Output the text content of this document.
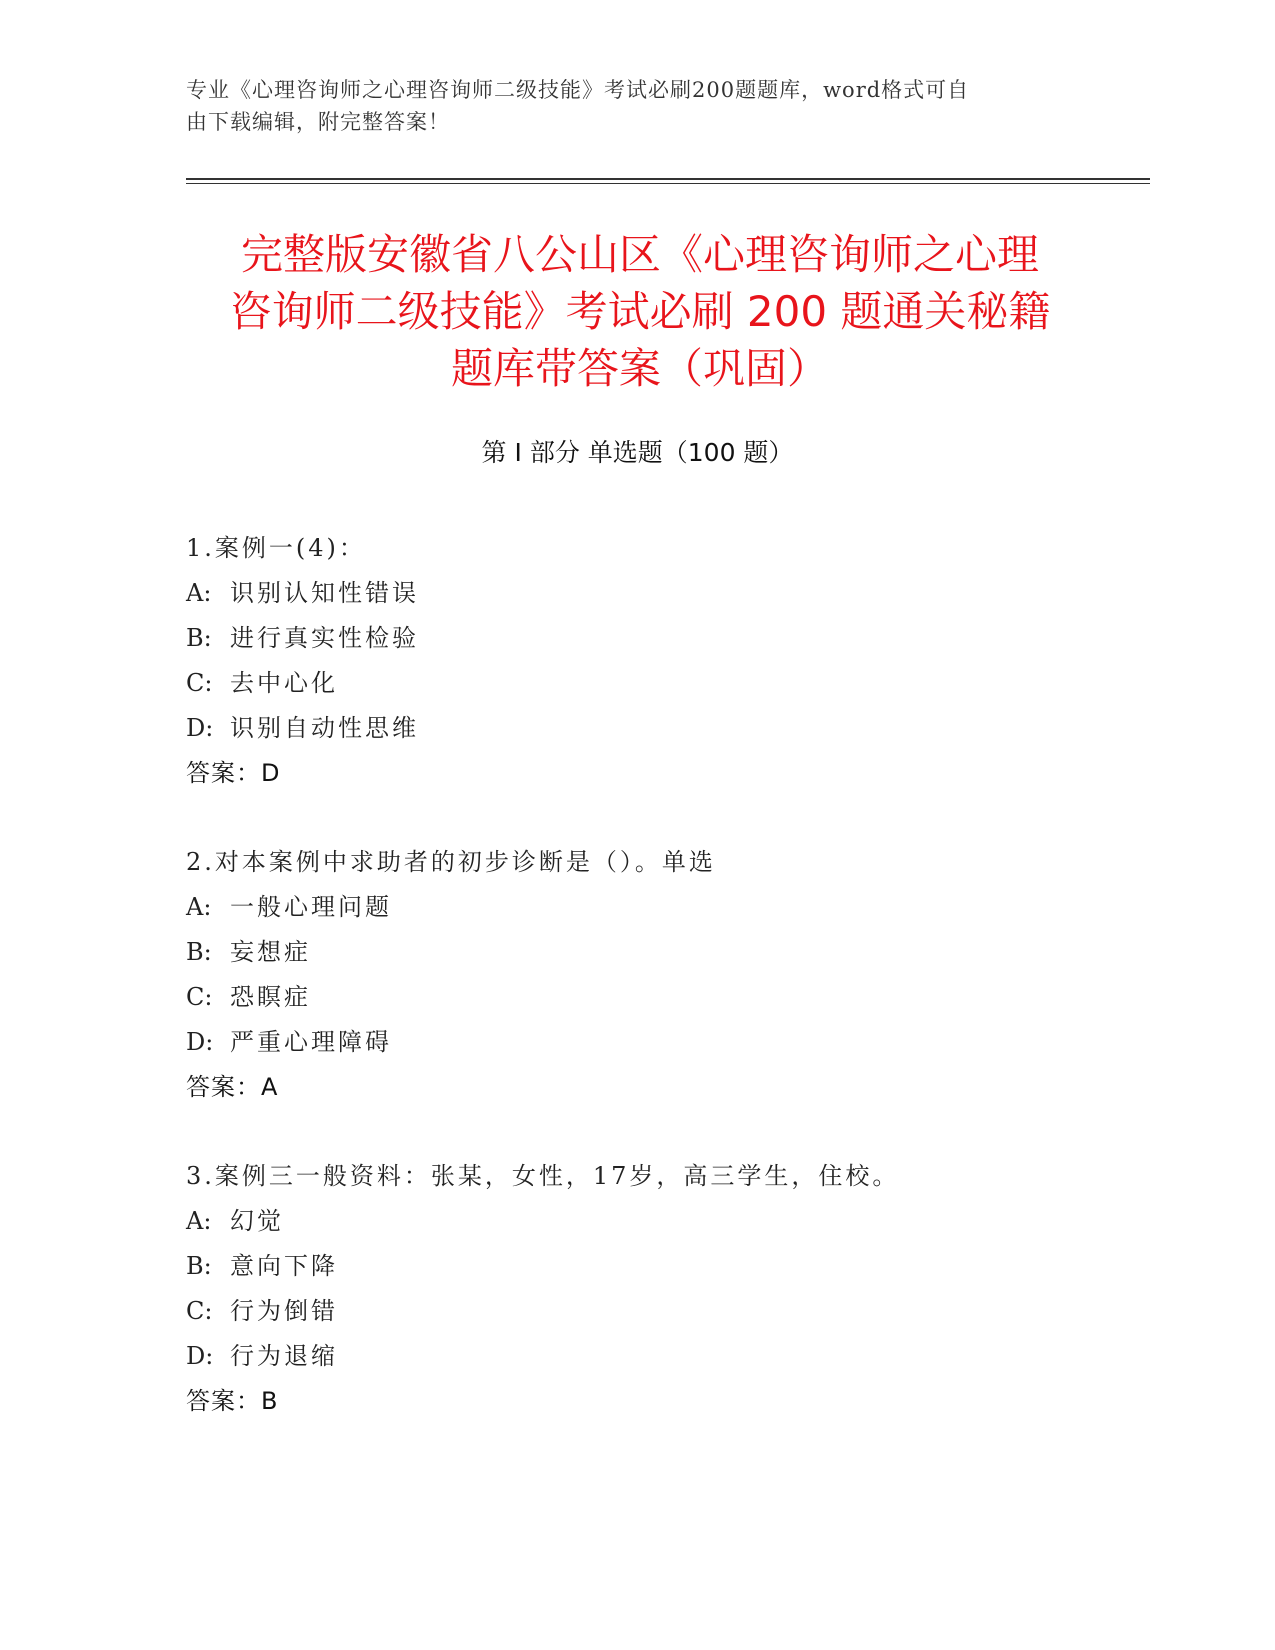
专业《心理咨询师之心理咨询师二级技能》考试必刷200题题库，word格式可自
由下载编辑，附完整答案！
完整版安徽省八公山区《心理咨询师之心理
咨询师二级技能》考试必刷 200 题通关秘籍
题库带答案（巩固）
第 I 部分 单选题（100 题）
1.案例一(4)：
A: 识别认知性错误
B: 进行真实性检验
C: 去中心化
D: 识别自动性思维
答案：D
2.对本案例中求助者的初步诊断是（）。单选
A: 一般心理问题
B: 妄想症
C: 恐瞑症
D: 严重心理障碍
答案：A
3.案例三一般资料：张某，女性，17岁，高三学生，住校。
A: 幻觉
B: 意向下降
C: 行为倒错
D: 行为退缩
答案：B
